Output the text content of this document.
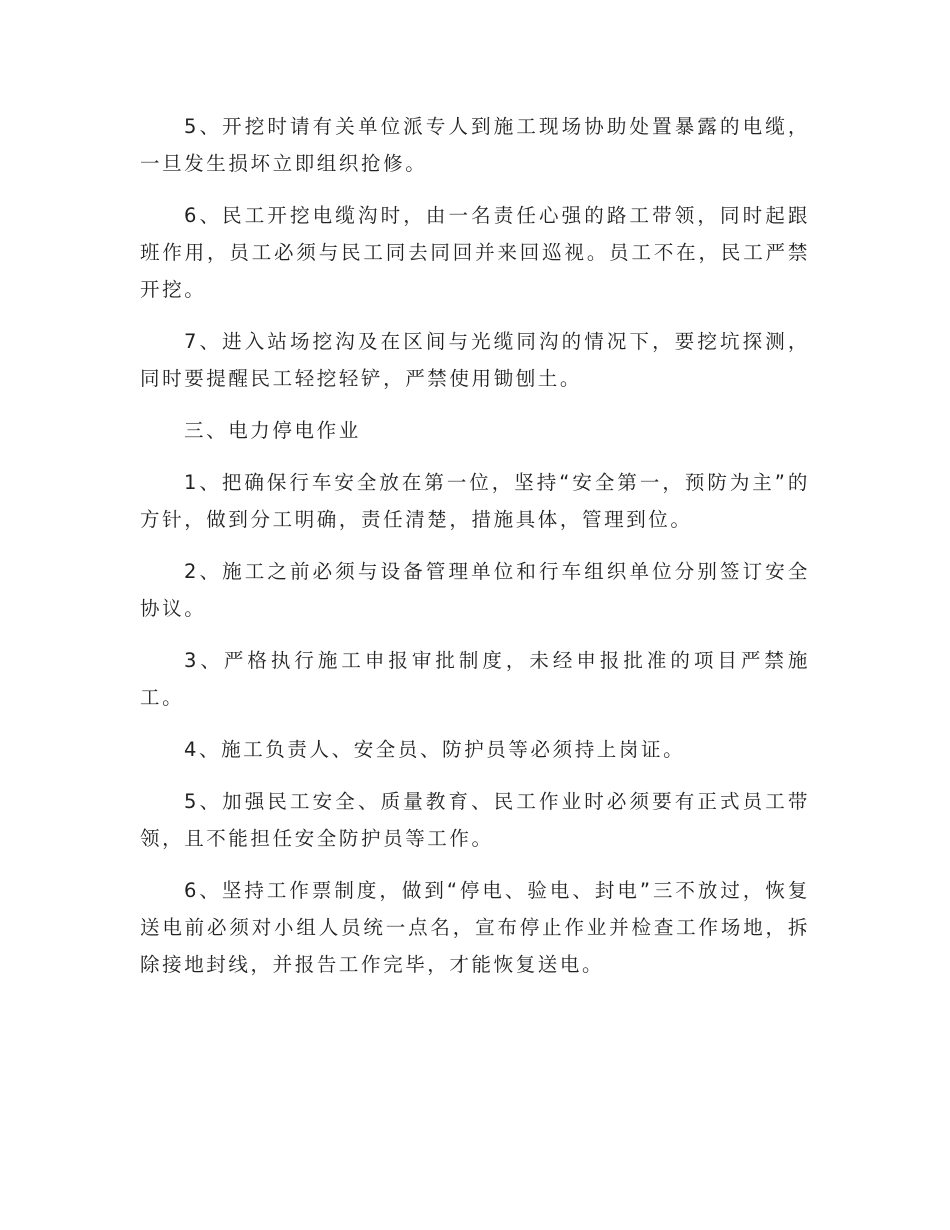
5、开挖时请有关单位派专人到施工现场协助处置暴露的电缆，一旦发生损坏立即组织抢修。

6、民工开挖电缆沟时，由一名责任心强的路工带领，同时起跟班作用，员工必须与民工同去同回并来回巡视。员工不在，民工严禁开挖。

7、进入站场挖沟及在区间与光缆同沟的情况下，要挖坑探测，同时要提醒民工轻挖轻铲，严禁使用锄刨土。

三、电力停电作业

1、把确保行车安全放在第一位，坚持“安全第一，预防为主”的方针，做到分工明确，责任清楚，措施具体，管理到位。

2、施工之前必须与设备管理单位和行车组织单位分别签订安全协议。

3、严格执行施工申报审批制度，未经申报批准的项目严禁施工。

4、施工负责人、安全员、防护员等必须持上岗证。

5、加强民工安全、质量教育、民工作业时必须要有正式员工带领，且不能担任安全防护员等工作。

6、坚持工作票制度，做到“停电、验电、封电”三不放过，恢复送电前必须对小组人员统一点名，宣布停止作业并检查工作场地，拆除接地封线，并报告工作完毕，才能恢复送电。
